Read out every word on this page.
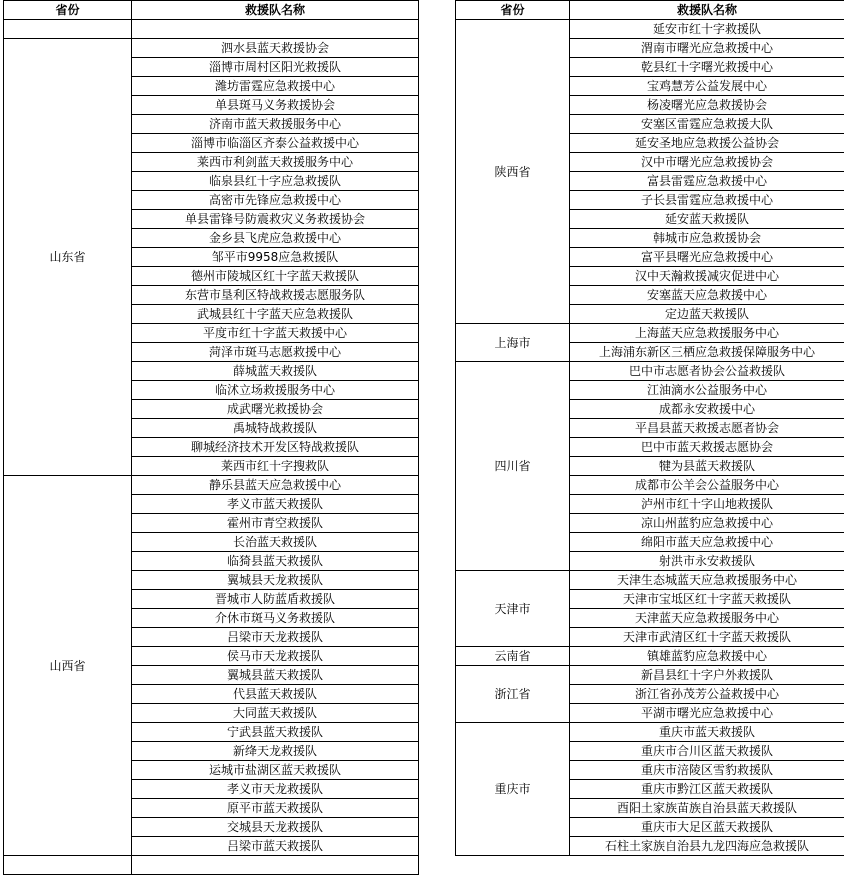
省份	救援队名称

山东省	泗水县蓝天救援协会
	淄博市周村区阳光救援队
	潍坊雷霆应急救援中心
	单县斑马义务救援协会
	济南市蓝天救援服务中心
	淄博市临淄区齐泰公益救援中心
	莱西市利剑蓝天救援服务中心
	临泉县红十字应急救援队
	高密市先锋应急救援中心
	单县雷锋号防震救灾义务救援协会
	金乡县飞虎应急救援中心
	邹平市9958应急救援队
	德州市陵城区红十字蓝天救援队
	东营市垦利区特战救援志愿服务队
	武城县红十字蓝天应急救援队
	平度市红十字蓝天救援中心
	菏泽市斑马志愿救援中心
	薛城蓝天救援队
	临沭立场救援服务中心
	成武曙光救援协会
	禹城特战救援队
	聊城经济技术开发区特战救援队
	莱西市红十字搜救队
山西省	静乐县蓝天应急救援中心
	孝义市蓝天救援队
	霍州市青空救援队
	长治蓝天救援队
	临猗县蓝天救援队
	翼城县天龙救援队
	晋城市人防蓝盾救援队
	介休市斑马义务救援队
	吕梁市天龙救援队
	侯马市天龙救援队
	翼城县蓝天救援队
	代县蓝天救援队
	大同蓝天救援队
	宁武县蓝天救援队
	新绛天龙救援队
	运城市盐湖区蓝天救援队
	孝义市天龙救援队
	原平市蓝天救援队
	交城县天龙救援队
	吕梁市蓝天救援队

省份	救援队名称
陕西省	延安市红十字救援队
	渭南市曙光应急救援中心
	乾县红十字曙光救援中心
	宝鸡慧芳公益发展中心
	杨凌曙光应急救援协会
	安塞区雷霆应急救援大队
	延安圣地应急救援公益协会
	汉中市曙光应急救援协会
	富县雷霆应急救援中心
	子长县雷霆应急救援中心
	延安蓝天救援队
	韩城市应急救援协会
	富平县曙光应急救援中心
	汉中天瀚救援减灾促进中心
	安塞蓝天应急救援中心
	定边蓝天救援队
上海市	上海蓝天应急救援服务中心
	上海浦东新区三栖应急救援保障服务中心
四川省	巴中市志愿者协会公益救援队
	江油滴水公益服务中心
	成都永安救援中心
	平昌县蓝天救援志愿者协会
	巴中市蓝天救援志愿协会
	犍为县蓝天救援队
	成都市公羊会公益服务中心
	泸州市红十字山地救援队
	凉山州蓝豹应急救援中心
	绵阳市蓝天应急救援中心
	射洪市永安救援队
天津市	天津生态城蓝天应急救援服务中心
	天津市宝坻区红十字蓝天救援队
	天津蓝天应急救援服务中心
	天津市武清区红十字蓝天救援队
云南省	镇雄蓝豹应急救援中心
浙江省	新昌县红十字户外救援队
	浙江省孙茂芳公益救援中心
	平湖市曙光应急救援中心
重庆市	重庆市蓝天救援队
	重庆市合川区蓝天救援队
	重庆市涪陵区雪豹救援队
	重庆市黔江区蓝天救援队
	酉阳土家族苗族自治县蓝天救援队
	重庆市大足区蓝天救援队
	石柱土家族自治县九龙四海应急救援队
